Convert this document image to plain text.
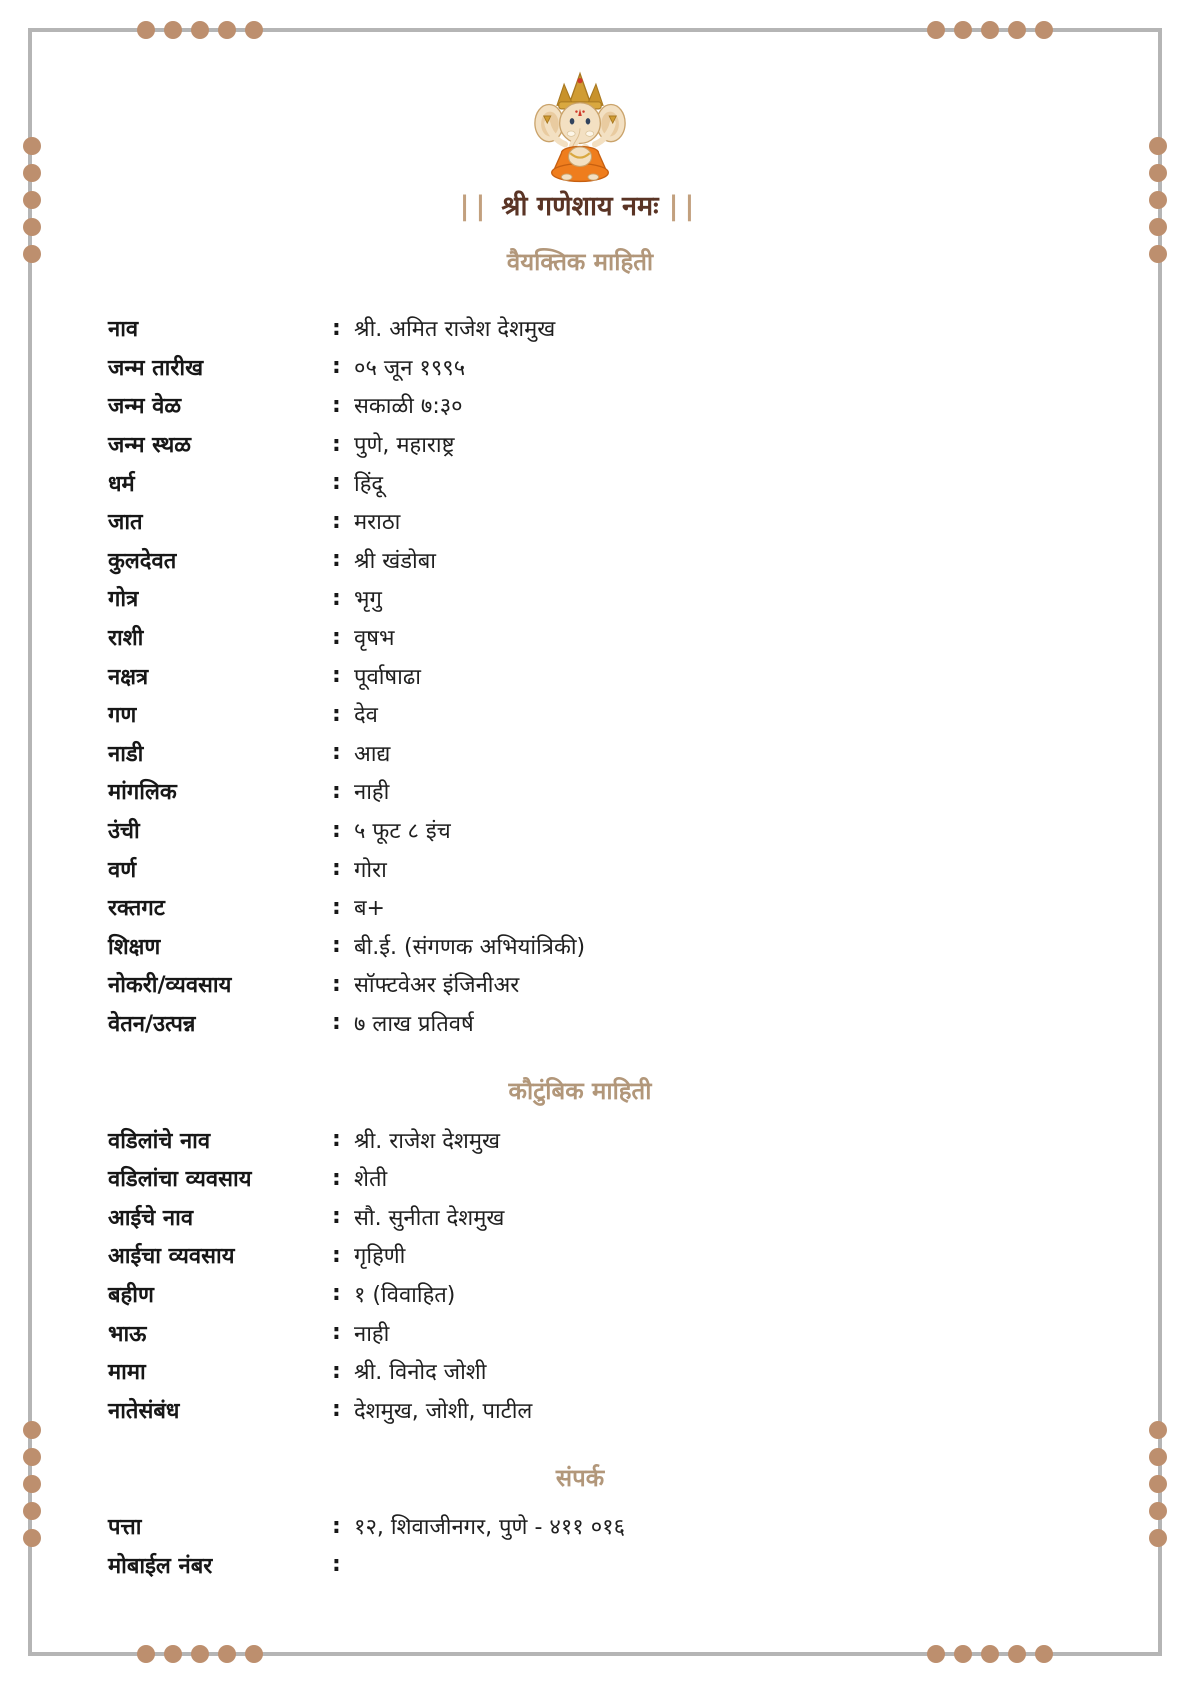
|| श्री गणेशाय नमः ||
वैयक्तिक माहिती
नाव	: श्री. अमित राजेश देशमुख
जन्म तारीख	: ०५ जून १९९५
जन्म वेळ	: सकाळी ७:३०
जन्म स्थळ	: पुणे, महाराष्ट्र
धर्म	: हिंदू
जात	: मराठा
कुलदेवत	: श्री खंडोबा
गोत्र	: भृगु
राशी	: वृषभ
नक्षत्र	: पूर्वाषाढा
गण	: देव
नाडी	: आद्य
मांगलिक	: नाही
उंची	: ५ फूट ८ इंच
वर्ण	: गोरा
रक्तगट	: ब+
शिक्षण	: बी.ई. (संगणक अभियांत्रिकी)
नोकरी/व्यवसाय	: सॉफ्टवेअर इंजिनीअर
वेतन/उत्पन्न	: ७ लाख प्रतिवर्ष
कौटुंबिक माहिती
वडिलांचे नाव	: श्री. राजेश देशमुख
वडिलांचा व्यवसाय	: शेती
आईचे नाव	: सौ. सुनीता देशमुख
आईचा व्यवसाय	: गृहिणी
बहीण	: १ (विवाहित)
भाऊ	: नाही
मामा	: श्री. विनोद जोशी
नातेसंबंध	: देशमुख, जोशी, पाटील
संपर्क
पत्ता	: १२, शिवाजीनगर, पुणे - ४११ ०१६
मोबाईल नंबर	:
